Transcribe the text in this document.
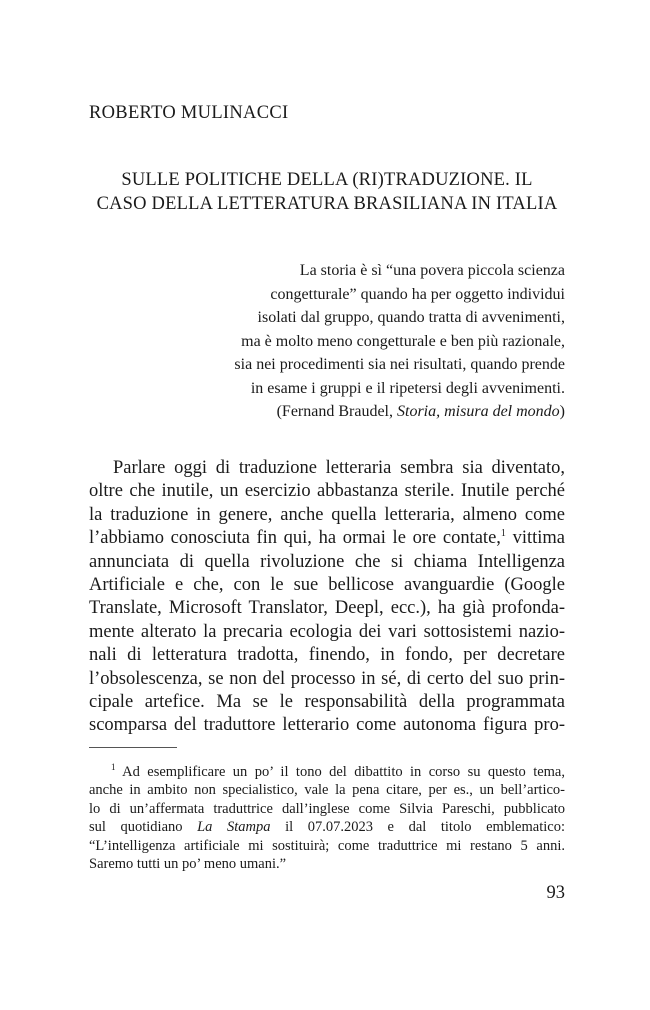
ROBERTO MULINACCI
SULLE POLITICHE DELLA (RI)TRADUZIONE. IL
CASO DELLA LETTERATURA BRASILIANA IN ITALIA
La storia è sì “una povera piccola scienza
congetturale” quando ha per oggetto individui
isolati dal gruppo, quando tratta di avvenimenti,
ma è molto meno congetturale e ben più razionale,
sia nei procedimenti sia nei risultati, quando prende
in esame i gruppi e il ripetersi degli avvenimenti.
(Fernand Braudel, Storia, misura del mondo)
Parlare oggi di traduzione letteraria sembra sia diventato,
oltre che inutile, un esercizio abbastanza sterile. Inutile perché
la traduzione in genere, anche quella letteraria, almeno come
l’abbiamo conosciuta fin qui, ha ormai le ore contate,$^1$ vittima
annunciata di quella rivoluzione che si chiama Intelligenza
Artificiale e che, con le sue bellicose avanguardie (Google
Translate, Microsoft Translator, Deepl, ecc.), ha già profonda-
mente alterato la precaria ecologia dei vari sottosistemi nazio-
nali di letteratura tradotta, finendo, in fondo, per decretare
l’obsolescenza, se non del processo in sé, di certo del suo prin-
cipale artefice. Ma se le responsabilità della programmata
scomparsa del traduttore letterario come autonoma figura pro-
$^1$ Ad esemplificare un po’ il tono del dibattito in corso su questo tema,
anche in ambito non specialistico, vale la pena citare, per es., un bell’artico-
lo di un’affermata traduttrice dall’inglese come Silvia Pareschi, pubblicato
sul quotidiano La Stampa il 07.07.2023 e dal titolo emblematico:
“L’intelligenza artificiale mi sostituirà; come traduttrice mi restano 5 anni.
Saremo tutti un po’ meno umani.”
93
